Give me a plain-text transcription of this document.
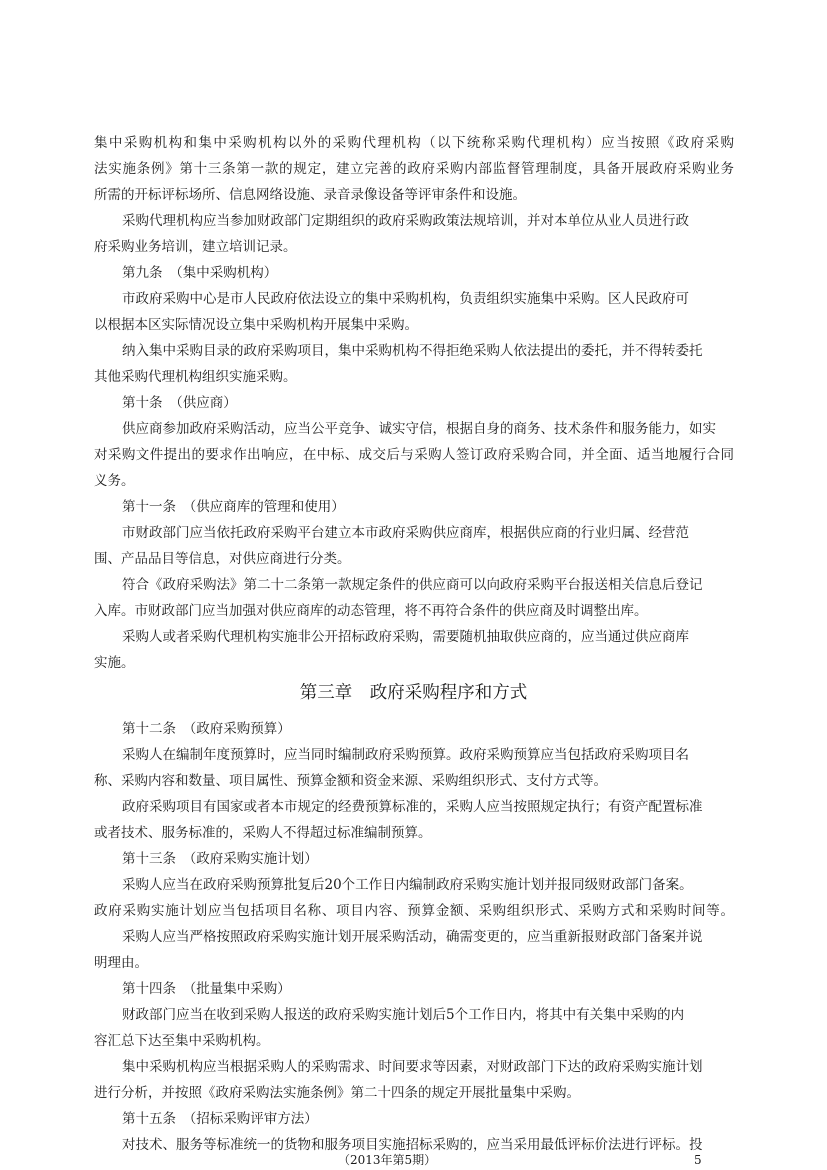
集中采购机构和集中采购机构以外的采购代理机构（以下统称采购代理机构）应当按照《政府采购
法实施条例》第十三条第一款的规定，建立完善的政府采购内部监督管理制度，具备开展政府采购业务
所需的开标评标场所、信息网络设施、录音录像设备等评审条件和设施。
采购代理机构应当参加财政部门定期组织的政府采购政策法规培训，并对本单位从业人员进行政
府采购业务培训，建立培训记录。
第九条　（集中采购机构）
市政府采购中心是市人民政府依法设立的集中采购机构，负责组织实施集中采购。区人民政府可
以根据本区实际情况设立集中采购机构开展集中采购。
纳入集中采购目录的政府采购项目，集中采购机构不得拒绝采购人依法提出的委托，并不得转委托
其他采购代理机构组织实施采购。
第十条　（供应商）
供应商参加政府采购活动，应当公平竞争、诚实守信，根据自身的商务、技术条件和服务能力，如实
对采购文件提出的要求作出响应，在中标、成交后与采购人签订政府采购合同，并全面、适当地履行合同
义务。
第十一条　（供应商库的管理和使用）
市财政部门应当依托政府采购平台建立本市政府采购供应商库，根据供应商的行业归属、经营范
围、产品品目等信息，对供应商进行分类。
符合《政府采购法》第二十二条第一款规定条件的供应商可以向政府采购平台报送相关信息后登记
入库。市财政部门应当加强对供应商库的动态管理，将不再符合条件的供应商及时调整出库。
采购人或者采购代理机构实施非公开招标政府采购，需要随机抽取供应商的，应当通过供应商库
实施。
第三章　政府采购程序和方式
第十二条　（政府采购预算）
采购人在编制年度预算时，应当同时编制政府采购预算。政府采购预算应当包括政府采购项目名
称、采购内容和数量、项目属性、预算金额和资金来源、采购组织形式、支付方式等。
政府采购项目有国家或者本市规定的经费预算标准的，采购人应当按照规定执行；有资产配置标准
或者技术、服务标准的，采购人不得超过标准编制预算。
第十三条　（政府采购实施计划）
采购人应当在政府采购预算批复后20个工作日内编制政府采购实施计划并报同级财政部门备案。
政府采购实施计划应当包括项目名称、项目内容、预算金额、采购组织形式、采购方式和采购时间等。
采购人应当严格按照政府采购实施计划开展采购活动，确需变更的，应当重新报财政部门备案并说
明理由。
第十四条　（批量集中采购）
财政部门应当在收到采购人报送的政府采购实施计划后5个工作日内，将其中有关集中采购的内
容汇总下达至集中采购机构。
集中采购机构应当根据采购人的采购需求、时间要求等因素，对财政部门下达的政府采购实施计划
进行分析，并按照《政府采购法实施条例》第二十四条的规定开展批量集中采购。
第十五条　（招标采购评审方法）
对技术、服务等标准统一的货物和服务项目实施招标采购的，应当采用最低评标价法进行评标。投
（2013年第5期）	5
